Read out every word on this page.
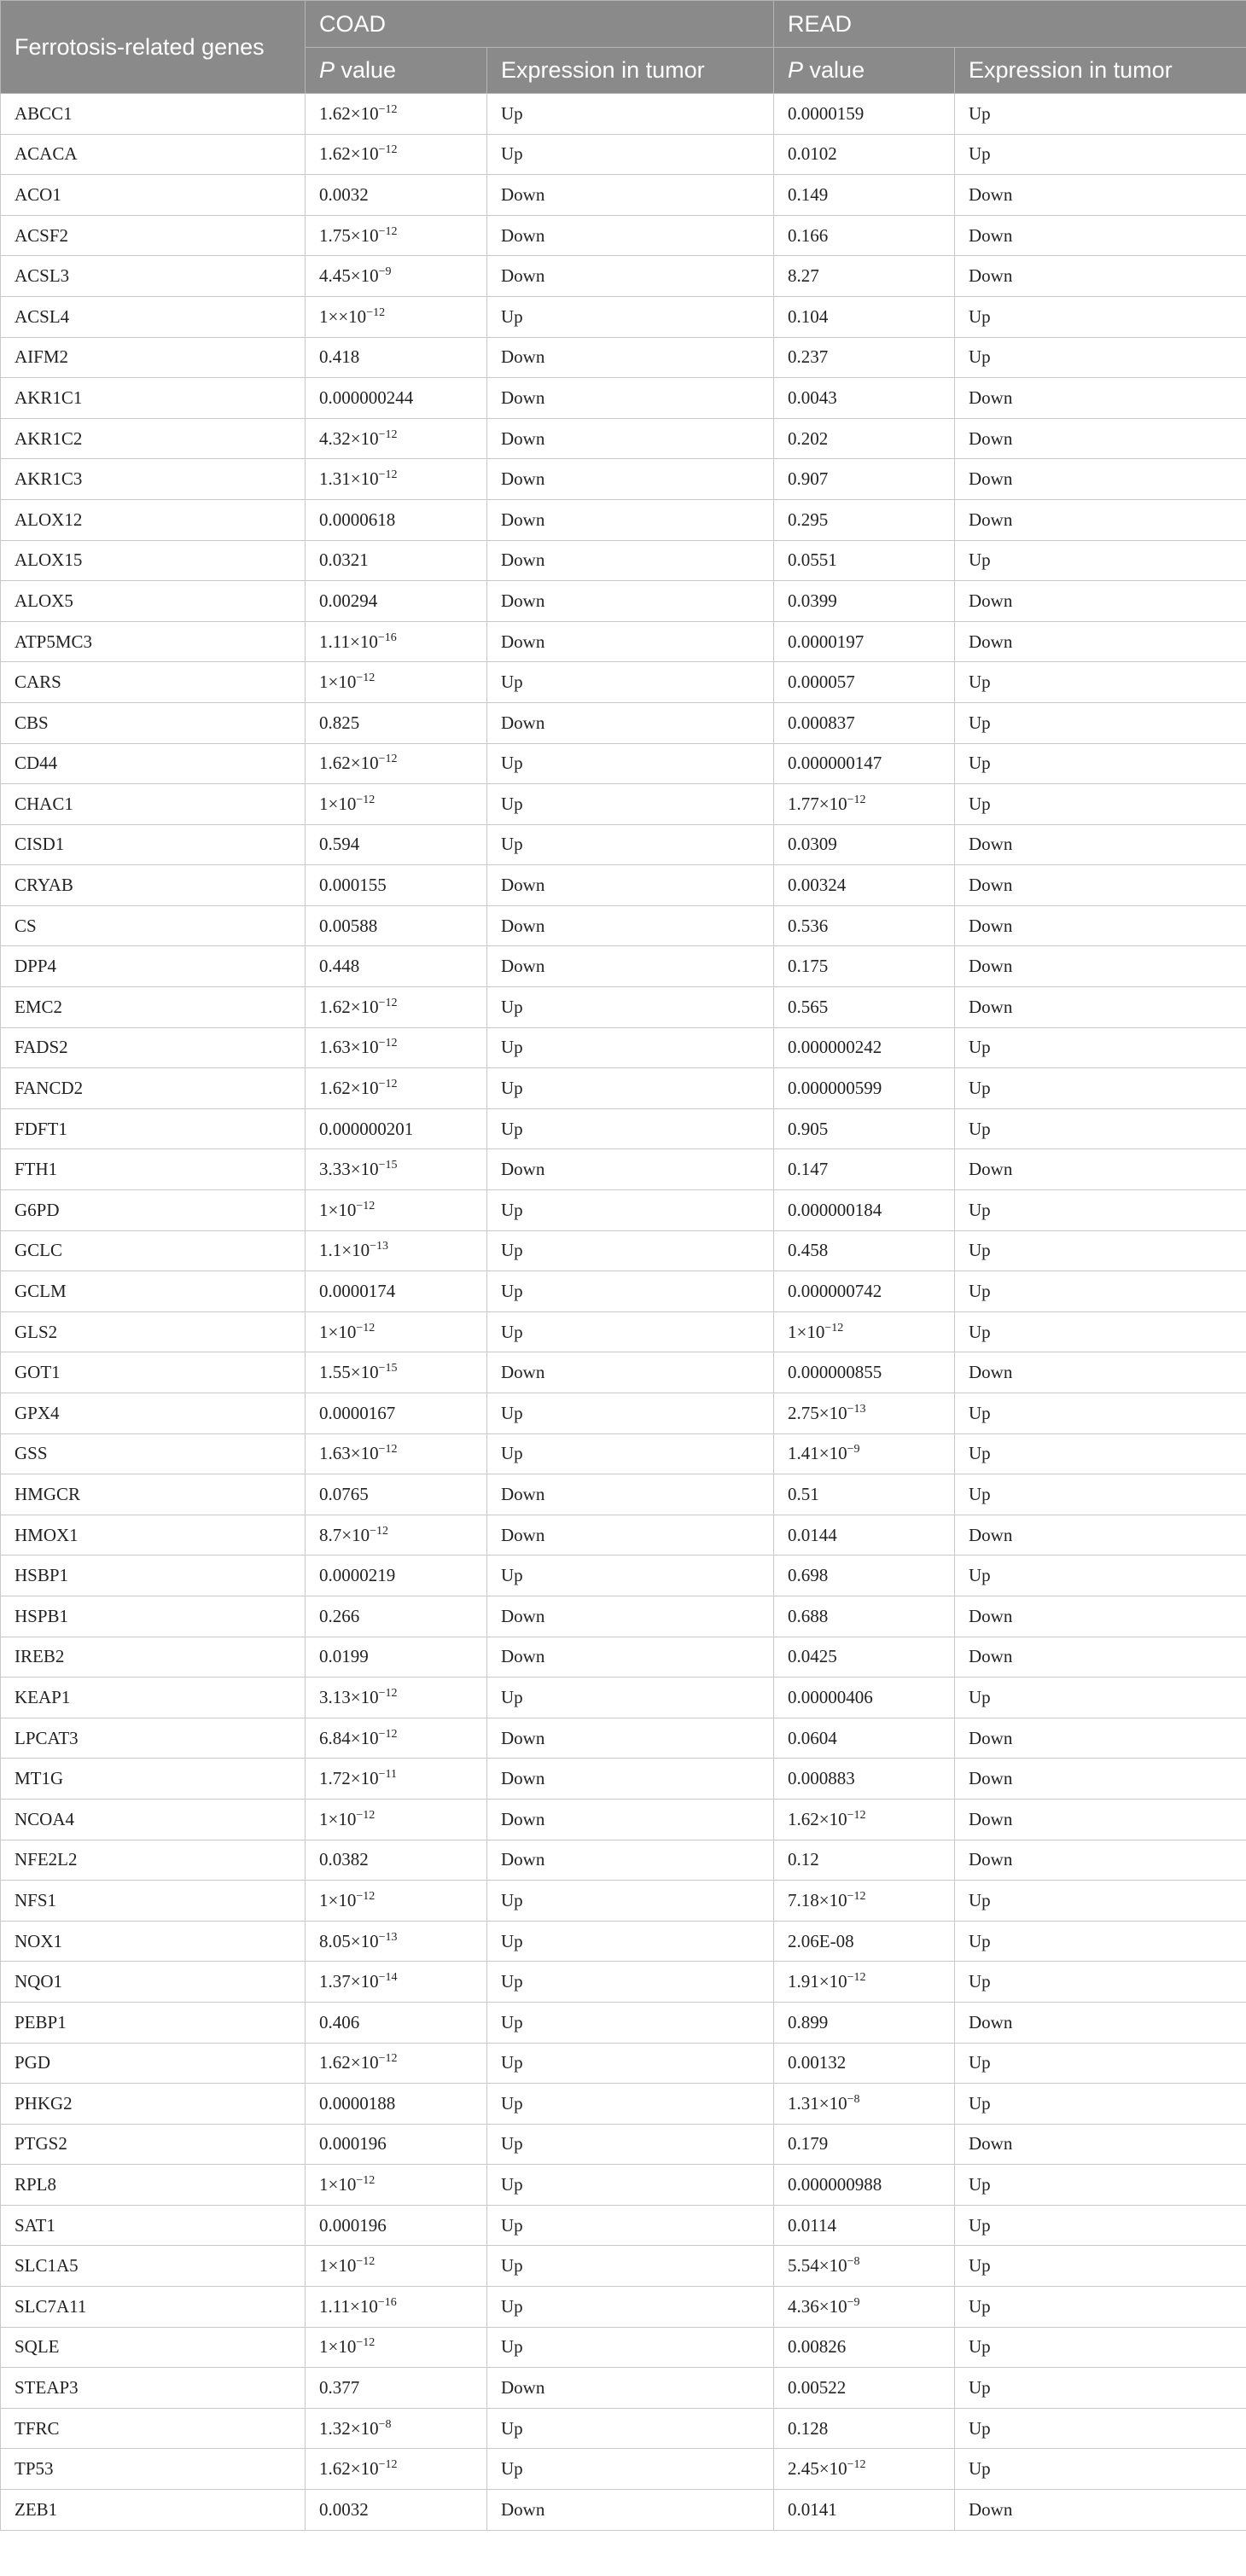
Ferrotosis-related genes	COAD		READ	
	P value	Expression in tumor	P value	Expression in tumor
ABCC1	$1.62\times 10^{-12}$	Up	0.0000159	Up
ACACA	$1.62\times 10^{-12}$	Up	0.0102	Up
ACO1	0.0032	Down	0.149	Down
ACSF2	$1.75\times 10^{-12}$	Down	0.166	Down
ACSL3	$4.45\times 10^{-9}$	Down	8.27	Down
ACSL4	$1\times\times 10^{-12}$	Up	0.104	Up
AIFM2	0.418	Down	0.237	Up
AKR1C1	0.000000244	Down	0.0043	Down
AKR1C2	$4.32\times 10^{-12}$	Down	0.202	Down
AKR1C3	$1.31\times 10^{-12}$	Down	0.907	Down
ALOX12	0.0000618	Down	0.295	Down
ALOX15	0.0321	Down	0.0551	Up
ALOX5	0.00294	Down	0.0399	Down
ATP5MC3	$1.11\times 10^{-16}$	Down	0.0000197	Down
CARS	$1\times 10^{-12}$	Up	0.000057	Up
CBS	0.825	Down	0.000837	Up
CD44	$1.62\times 10^{-12}$	Up	0.000000147	Up
CHAC1	$1\times 10^{-12}$	Up	$1.77\times 10^{-12}$	Up
CISD1	0.594	Up	0.0309	Down
CRYAB	0.000155	Down	0.00324	Down
CS	0.00588	Down	0.536	Down
DPP4	0.448	Down	0.175	Down
EMC2	$1.62\times 10^{-12}$	Up	0.565	Down
FADS2	$1.63\times 10^{-12}$	Up	0.000000242	Up
FANCD2	$1.62\times 10^{-12}$	Up	0.000000599	Up
FDFT1	0.000000201	Up	0.905	Up
FTH1	$3.33\times 10^{-15}$	Down	0.147	Down
G6PD	$1\times 10^{-12}$	Up	0.000000184	Up
GCLC	$1.1\times 10^{-13}$	Up	0.458	Up
GCLM	0.0000174	Up	0.000000742	Up
GLS2	$1\times 10^{-12}$	Up	$1\times 10^{-12}$	Up
GOT1	$1.55\times 10^{-15}$	Down	0.000000855	Down
GPX4	0.0000167	Up	$2.75\times 10^{-13}$	Up
GSS	$1.63\times 10^{-12}$	Up	$1.41\times 10^{-9}$	Up
HMGCR	0.0765	Down	0.51	Up
HMOX1	$8.7\times 10^{-12}$	Down	0.0144	Down
HSBP1	0.0000219	Up	0.698	Up
HSPB1	0.266	Down	0.688	Down
IREB2	0.0199	Down	0.0425	Down
KEAP1	$3.13\times 10^{-12}$	Up	0.00000406	Up
LPCAT3	$6.84\times 10^{-12}$	Down	0.0604	Down
MT1G	$1.72\times 10^{-11}$	Down	0.000883	Down
NCOA4	$1\times 10^{-12}$	Down	$1.62\times 10^{-12}$	Down
NFE2L2	0.0382	Down	0.12	Down
NFS1	$1\times 10^{-12}$	Up	$7.18\times 10^{-12}$	Up
NOX1	$8.05\times 10^{-13}$	Up	2.06E-08	Up
NQO1	$1.37\times 10^{-14}$	Up	$1.91\times 10^{-12}$	Up
PEBP1	0.406	Up	0.899	Down
PGD	$1.62\times 10^{-12}$	Up	0.00132	Up
PHKG2	0.0000188	Up	$1.31\times 10^{-8}$	Up
PTGS2	0.000196	Up	0.179	Down
RPL8	$1\times 10^{-12}$	Up	0.000000988	Up
SAT1	0.000196	Up	0.0114	Up
SLC1A5	$1\times 10^{-12}$	Up	$5.54\times 10^{-8}$	Up
SLC7A11	$1.11\times 10^{-16}$	Up	$4.36\times 10^{-9}$	Up
SQLE	$1\times 10^{-12}$	Up	0.00826	Up
STEAP3	0.377	Down	0.00522	Up
TFRC	$1.32\times 10^{-8}$	Up	0.128	Up
TP53	$1.62\times 10^{-12}$	Up	$2.45\times 10^{-12}$	Up
ZEB1	0.0032	Down	0.0141	Down
